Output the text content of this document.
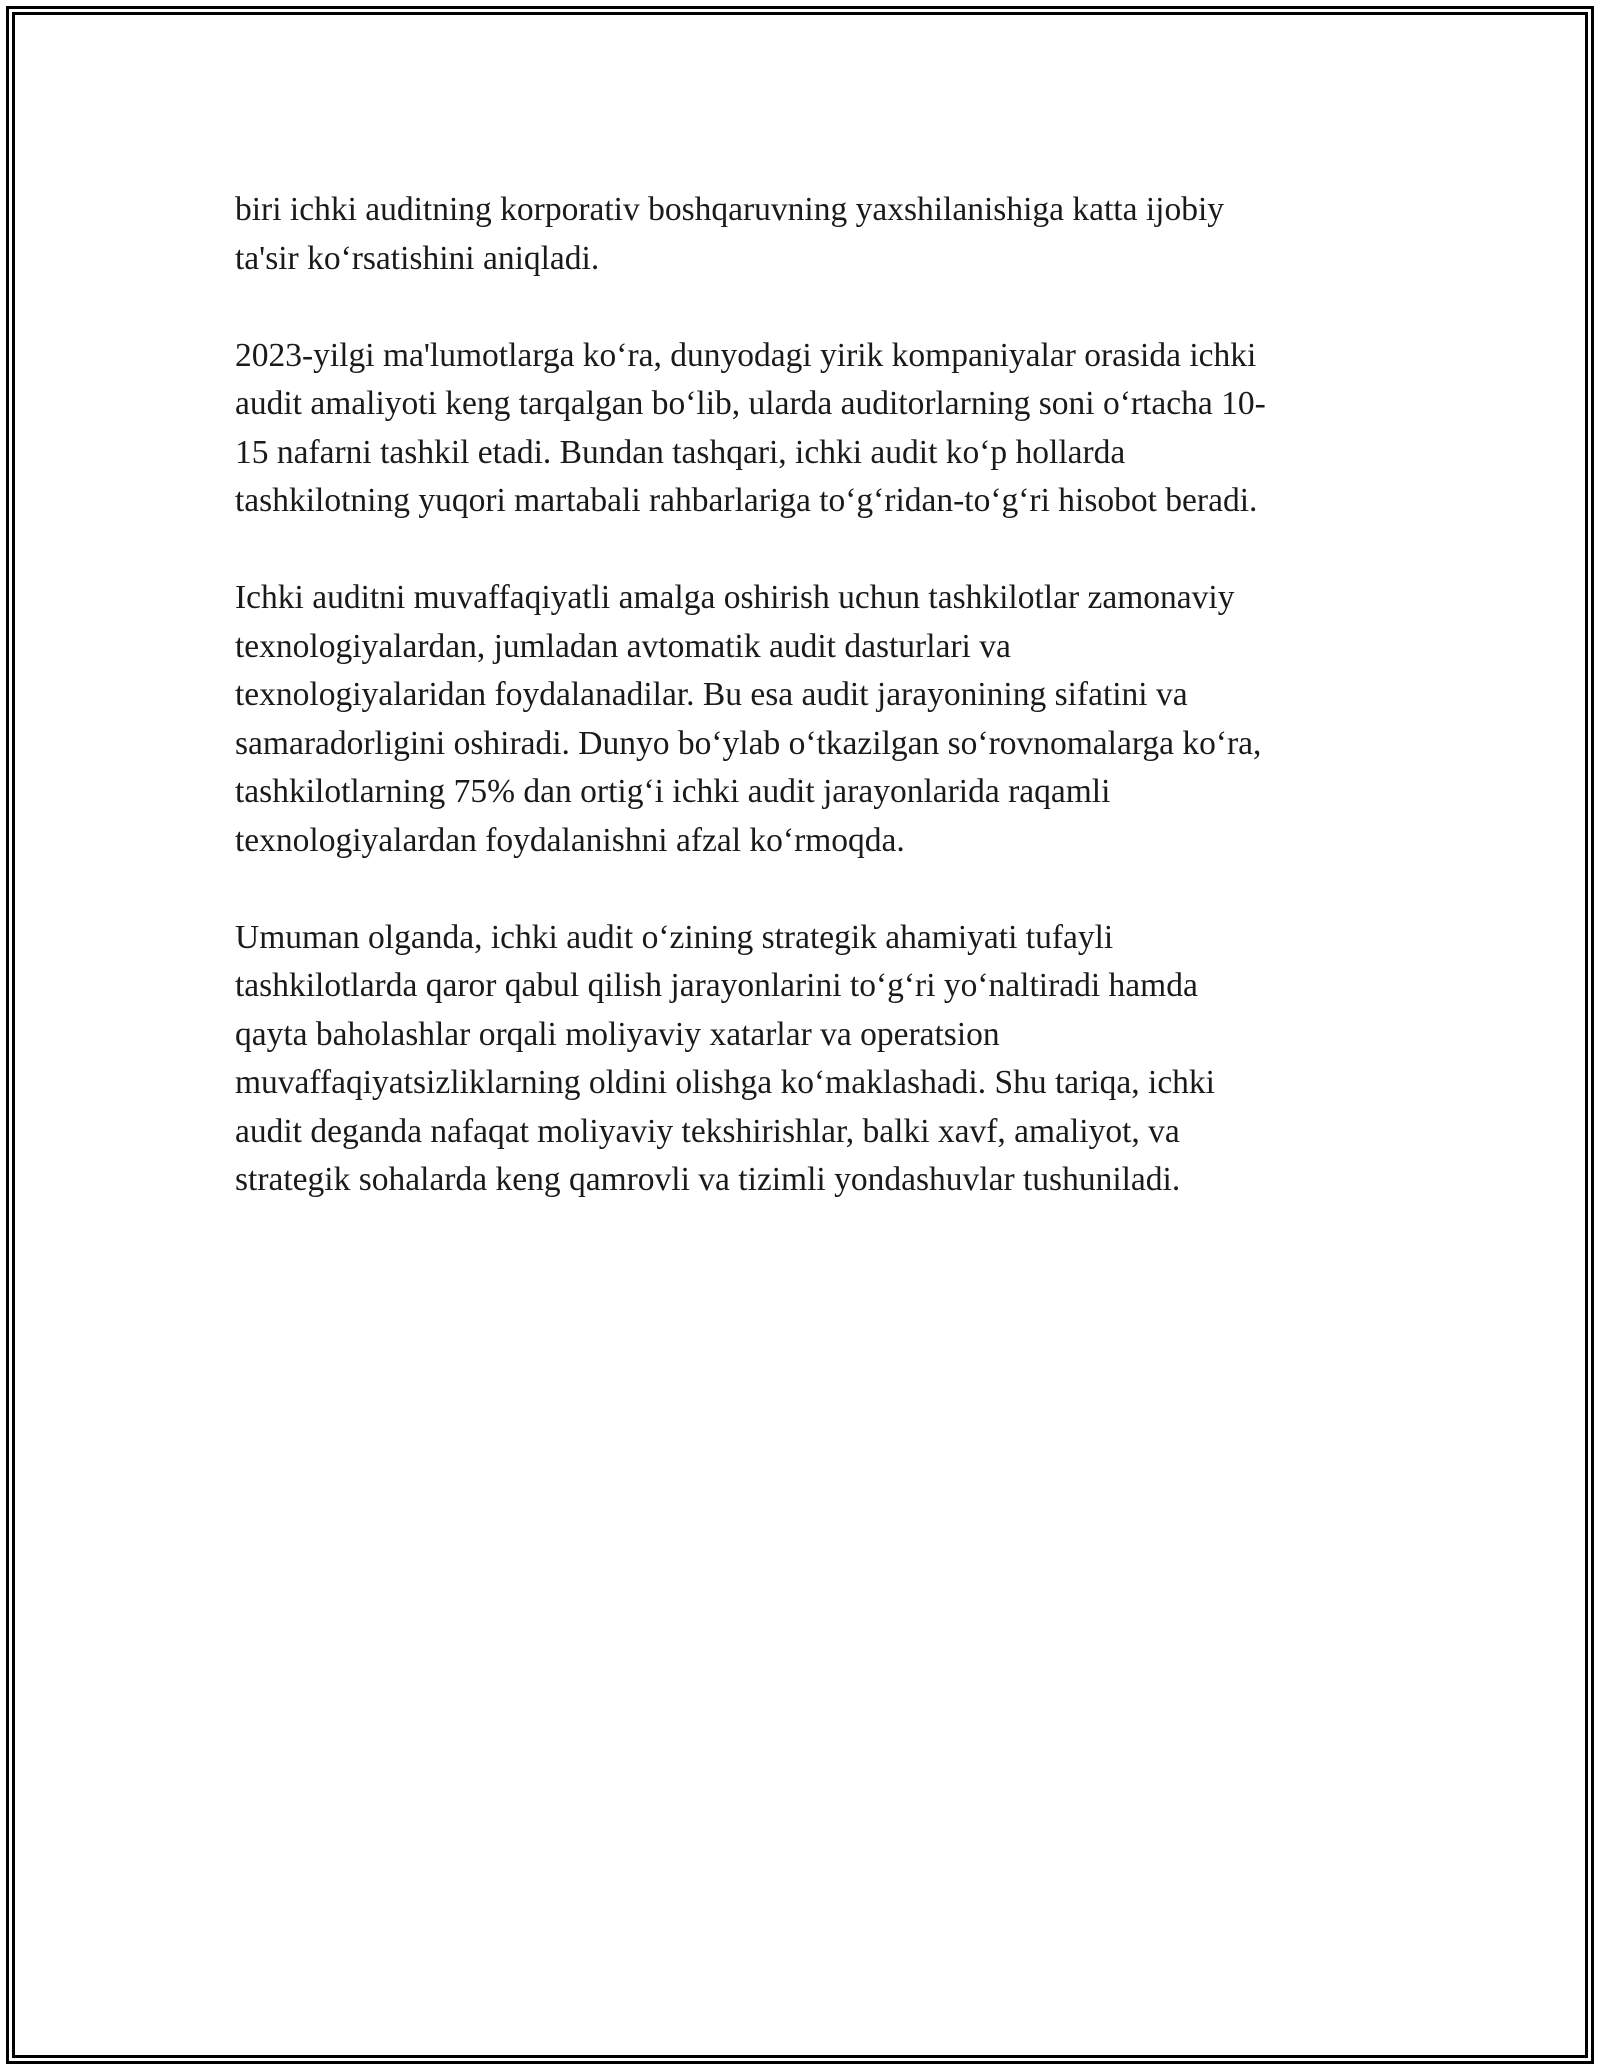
biri ichki auditning korporativ boshqaruvning yaxshilanishiga katta ijobiy
ta'sir koʻrsatishini aniqladi.

2023-yilgi ma'lumotlarga koʻra, dunyodagi yirik kompaniyalar orasida ichki
audit amaliyoti keng tarqalgan boʻlib, ularda auditorlarning soni oʻrtacha 10-
15 nafarni tashkil etadi. Bundan tashqari, ichki audit koʻp hollarda
tashkilotning yuqori martabali rahbarlariga toʻgʻridan-toʻgʻri hisobot beradi.

Ichki auditni muvaffaqiyatli amalga oshirish uchun tashkilotlar zamonaviy
texnologiyalardan, jumladan avtomatik audit dasturlari va
texnologiyalaridan foydalanadilar. Bu esa audit jarayonining sifatini va
samaradorligini oshiradi. Dunyo boʻylab oʻtkazilgan soʻrovnomalarga koʻra,
tashkilotlarning 75% dan ortigʻi ichki audit jarayonlarida raqamli
texnologiyalardan foydalanishni afzal koʻrmoqda.

Umuman olganda, ichki audit oʻzining strategik ahamiyati tufayli
tashkilotlarda qaror qabul qilish jarayonlarini toʻgʻri yoʻnaltiradi hamda
qayta baholashlar orqali moliyaviy xatarlar va operatsion
muvaffaqiyatsizliklarning oldini olishga koʻmaklashadi. Shu tariqa, ichki
audit deganda nafaqat moliyaviy tekshirishlar, balki xavf, amaliyot, va
strategik sohalarda keng qamrovli va tizimli yondashuvlar tushuniladi.
